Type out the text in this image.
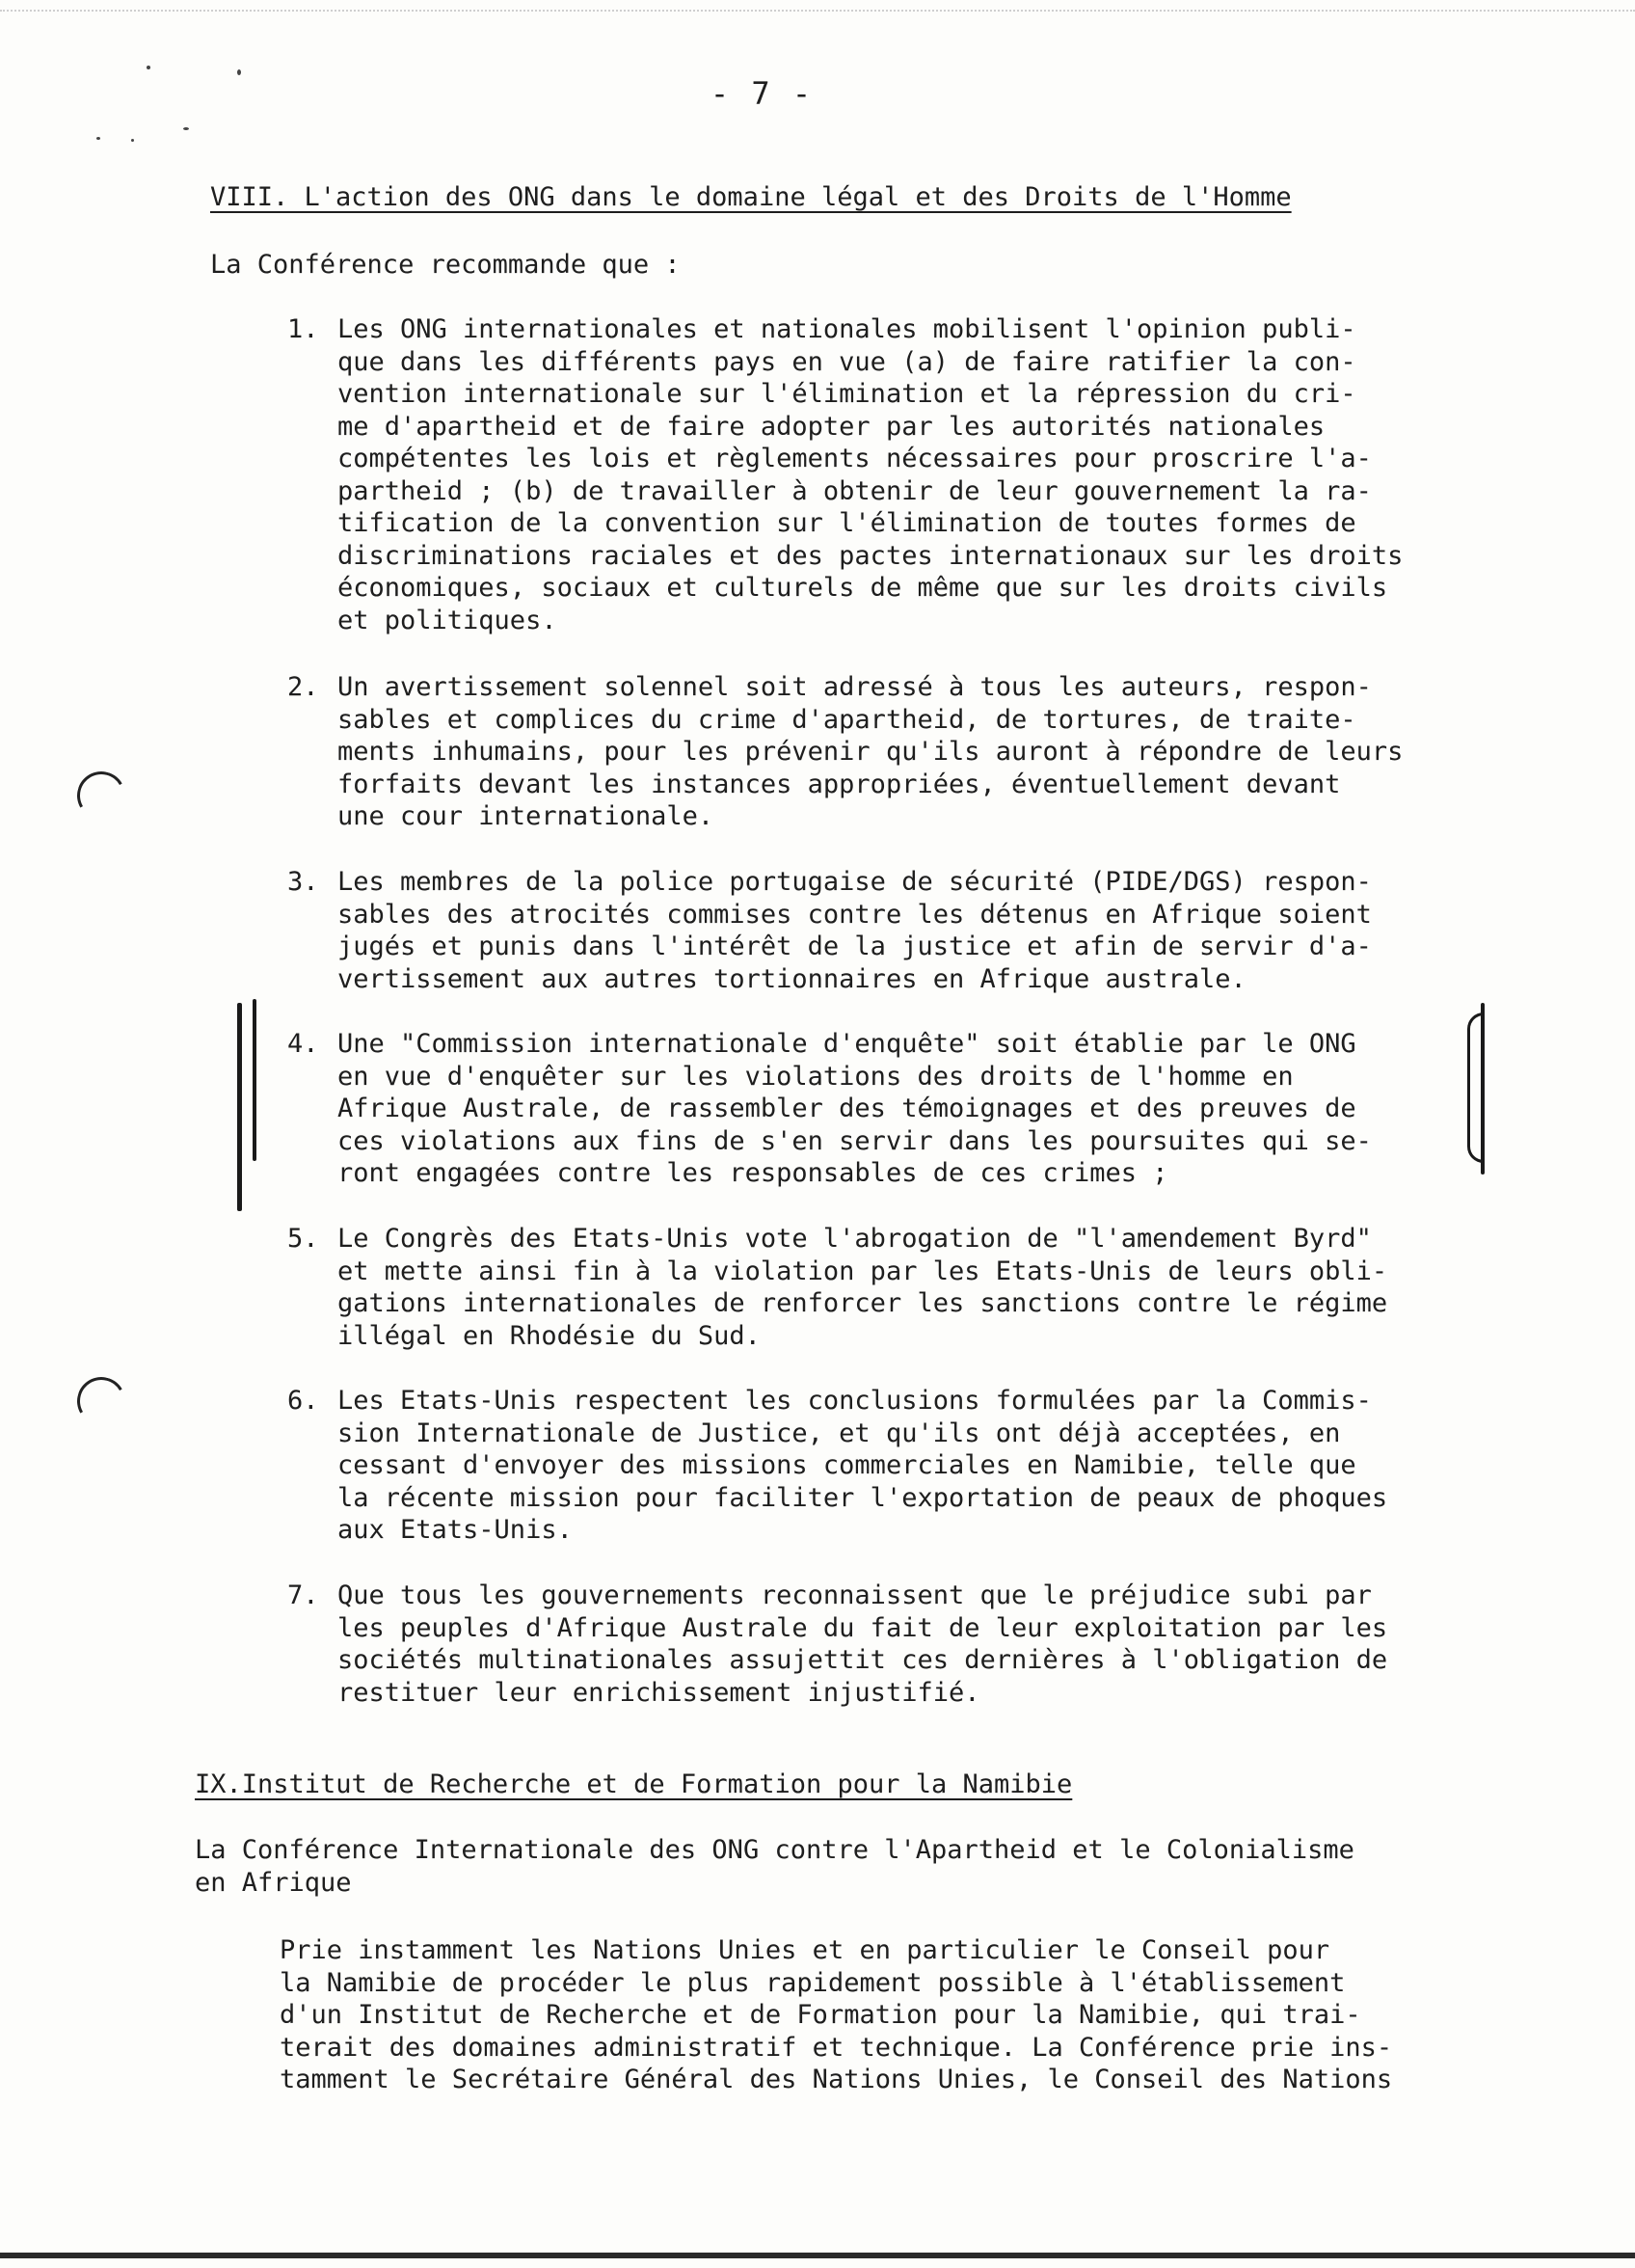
- 7 -
VIII. L'action des ONG dans le domaine légal et des Droits de l'Homme
La Conférence recommande que :
1. Les ONG internationales et nationales mobilisent l'opinion publi-
que dans les différents pays en vue (a) de faire ratifier la con-
vention internationale sur l'élimination et la répression du cri-
me d'apartheid et de faire adopter par les autorités nationales
compétentes les lois et règlements nécessaires pour proscrire l'a-
partheid ; (b) de travailler à obtenir de leur gouvernement la ra-
tification de la convention sur l'élimination de toutes formes de
discriminations raciales et des pactes internationaux sur les droits
économiques, sociaux et culturels de même que sur les droits civils
et politiques.
2. Un avertissement solennel soit adressé à tous les auteurs, respon-
sables et complices du crime d'apartheid, de tortures, de traite-
ments inhumains, pour les prévenir qu'ils auront à répondre de leurs
forfaits devant les instances appropriées, éventuellement devant
une cour internationale.
3. Les membres de la police portugaise de sécurité (PIDE/DGS) respon-
sables des atrocités commises contre les détenus en Afrique soient
jugés et punis dans l'intérêt de la justice et afin de servir d'a-
vertissement aux autres tortionnaires en Afrique australe.
4. Une "Commission internationale d'enquête" soit établie par le ONG
en vue d'enquêter sur les violations des droits de l'homme en
Afrique Australe, de rassembler des témoignages et des preuves de
ces violations aux fins de s'en servir dans les poursuites qui se-
ront engagées contre les responsables de ces crimes ;
5. Le Congrès des Etats-Unis vote l'abrogation de "l'amendement Byrd"
et mette ainsi fin à la violation par les Etats-Unis de leurs obli-
gations internationales de renforcer les sanctions contre le régime
illégal en Rhodésie du Sud.
6. Les Etats-Unis respectent les conclusions formulées par la Commis-
sion Internationale de Justice, et qu'ils ont déjà acceptées, en
cessant d'envoyer des missions commerciales en Namibie, telle que
la récente mission pour faciliter l'exportation de peaux de phoques
aux Etats-Unis.
7. Que tous les gouvernements reconnaissent que le préjudice subi par
les peuples d'Afrique Australe du fait de leur exploitation par les
sociétés multinationales assujettit ces dernières à l'obligation de
restituer leur enrichissement injustifié.
IX.Institut de Recherche et de Formation pour la Namibie
La Conférence Internationale des ONG contre l'Apartheid et le Colonialisme
en Afrique
Prie instamment les Nations Unies et en particulier le Conseil pour
la Namibie de procéder le plus rapidement possible à l'établissement
d'un Institut de Recherche et de Formation pour la Namibie, qui trai-
terait des domaines administratif et technique. La Conférence prie ins-
tamment le Secrétaire Général des Nations Unies, le Conseil des Nations
